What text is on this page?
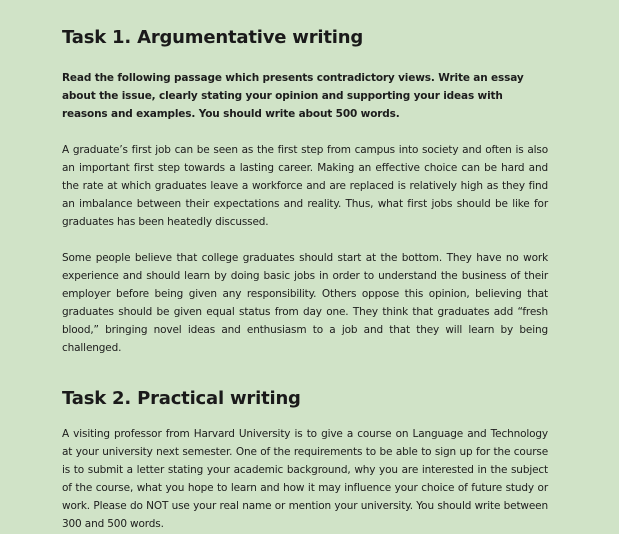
Task 1. Argumentative writing

Read the following passage which presents contradictory views. Write an essay about the issue, clearly stating your opinion and supporting your ideas with reasons and examples. You should write about 500 words.

A graduate’s first job can be seen as the first step from campus into society and often is also an important first step towards a lasting career. Making an effective choice can be hard and the rate at which graduates leave a workforce and are replaced is relatively high as they find an imbalance between their expectations and reality. Thus, what first jobs should be like for graduates has been heatedly discussed.

Some people believe that college graduates should start at the bottom. They have no work experience and should learn by doing basic jobs in order to understand the business of their employer before being given any responsibility. Others oppose this opinion, believing that graduates should be given equal status from day one. They think that graduates add “fresh blood,” bringing novel ideas and enthusiasm to a job and that they will learn by being challenged.

Task 2. Practical writing

A visiting professor from Harvard University is to give a course on Language and Technology at your university next semester. One of the requirements to be able to sign up for the course is to submit a letter stating your academic background, why you are interested in the subject of the course, what you hope to learn and how it may influence your choice of future study or work. Please do NOT use your real name or mention your university. You should write between 300 and 500 words.
